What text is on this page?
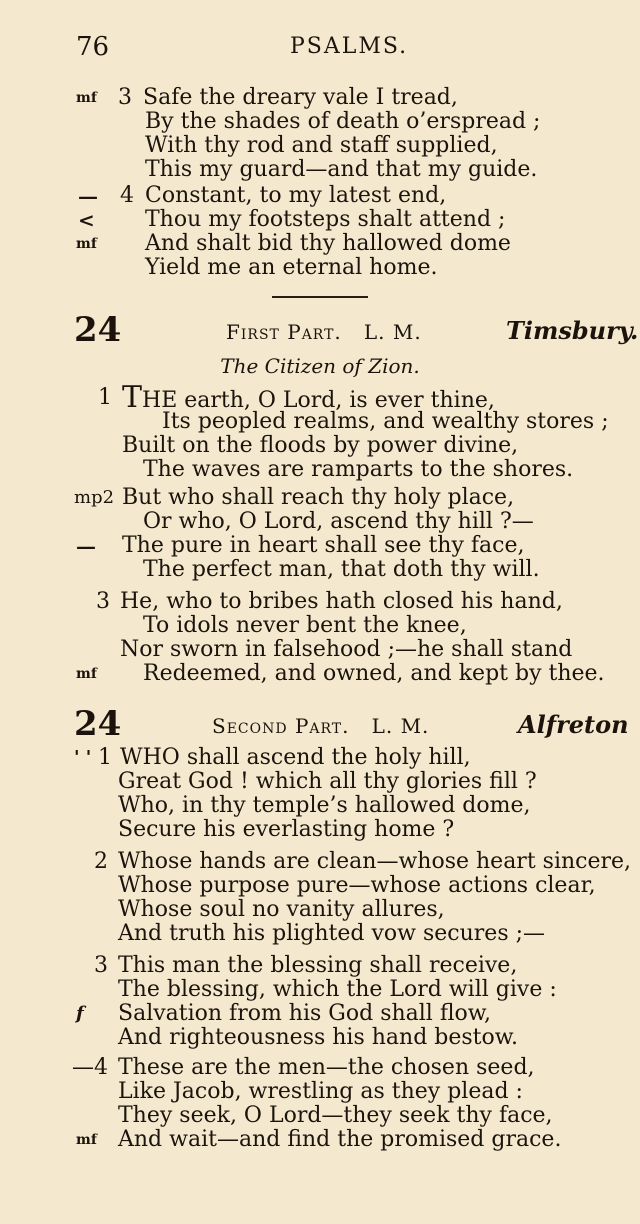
76	PSALMS.
mf 3 Safe the dreary vale I tread,
By the shades of death o’erspread ;
With thy rod and staff supplied,
This my guard—and that my guide.
— 4 Constant, to my latest end,
< Thou my footsteps shalt attend ;
mf And shalt bid thy hallowed dome
Yield me an eternal home.
24	First Part. L. M.	Timsbury.
The Citizen of Zion.
1 THE earth, O Lord, is ever thine,
Its peopled realms, and wealthy stores ;
Built on the floods by power divine,
The waves are ramparts to the shores.
mp2 But who shall reach thy holy place,
Or who, O Lord, ascend thy hill ?—
— The pure in heart shall see thy face,
The perfect man, that doth thy will.
3 He, who to bribes hath closed his hand,
To idols never bent the knee,
Nor sworn in falsehood ;—he shall stand
mf Redeemed, and owned, and kept by thee.
24	Second Part. L. M.	Alfreton
' ' 1 WHO shall ascend the holy hill,
Great God ! which all thy glories fill ?
Who, in thy temple’s hallowed dome,
Secure his everlasting home ?
2 Whose hands are clean—whose heart sincere,
Whose purpose pure—whose actions clear,
Whose soul no vanity allures,
And truth his plighted vow secures ;—
3 This man the blessing shall receive,
The blessing, which the Lord will give :
f Salvation from his God shall flow,
And righteousness his hand bestow.
—4 These are the men—the chosen seed,
Like Jacob, wrestling as they plead :
They seek, O Lord—they seek thy face,
mf And wait—and find the promised grace.
